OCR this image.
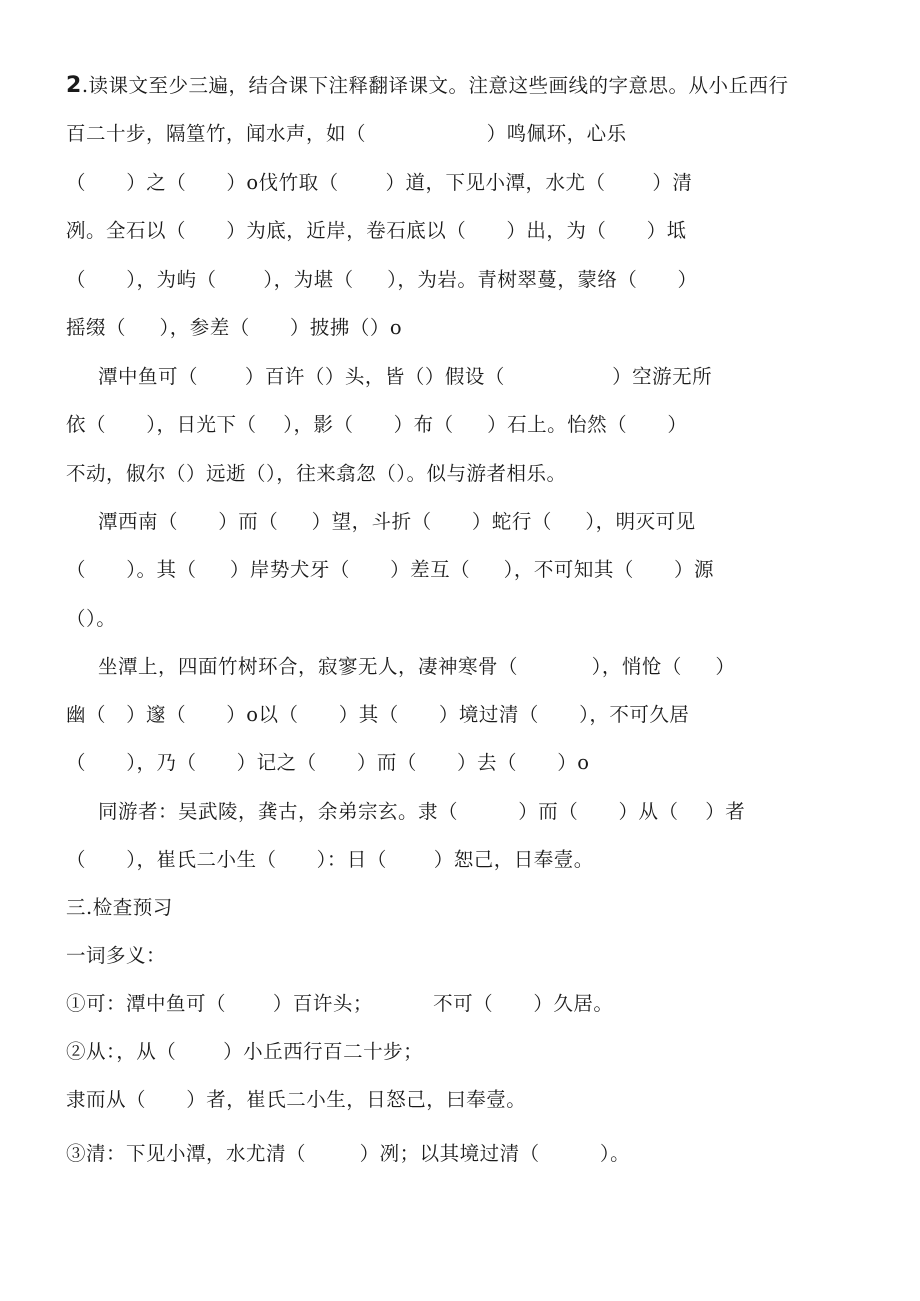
2.读课文至少三遍，结合课下注释翻译课文。注意这些画线的字意思。从小丘西行
百二十步，隔篁竹，闻水声，如（                  ）鸣佩环，心乐
（      ）之（      ）o伐竹取（       ）道，下见小潭，水尤（       ）清
冽。全石以（      ）为底，近岸，卷石底以（      ）出，为（      ）坻
（      ），为屿（       ），为堪（     ），为岩。青树翠蔓，蒙络（      ）
摇缀（     ），参差（      ）披拂（）o
潭中鱼可（       ）百许（）头，皆（）假设（                ）空游无所
依（      ），日光下（    ），影（      ）布（     ）石上。怡然（      ）
不动，俶尔（）远逝（），往来翕忽（）。似与游者相乐。
潭西南（      ）而（     ）望，斗折（      ）蛇行（     ），明灭可见
（      ）。其（     ）岸势犬牙（      ）差互（     ），不可知其（      ）源
（）。
坐潭上，四面竹树环合，寂寥无人，凄神寒骨（           ），悄怆（     ）
幽（   ）邃（      ）o以（      ）其（      ）境过清（      ），不可久居
（      ），乃（      ）记之（      ）而（      ）去（      ）o
同游者：吴武陵，龚古，余弟宗玄。隶（         ）而（      ）从（    ）者
（      ），崔氏二小生（      ）：日（       ）恕己，日奉壹。
三.检查预习
一词多义：
①可：潭中鱼可（       ）百许头；         不可（      ）久居。
②从：，从（       ）小丘西行百二十步；
隶而从（      ）者，崔氏二小生，日怒己，曰奉壹。
③清：下见小潭，水尤清（        ）冽；以其境过清（         ）。
